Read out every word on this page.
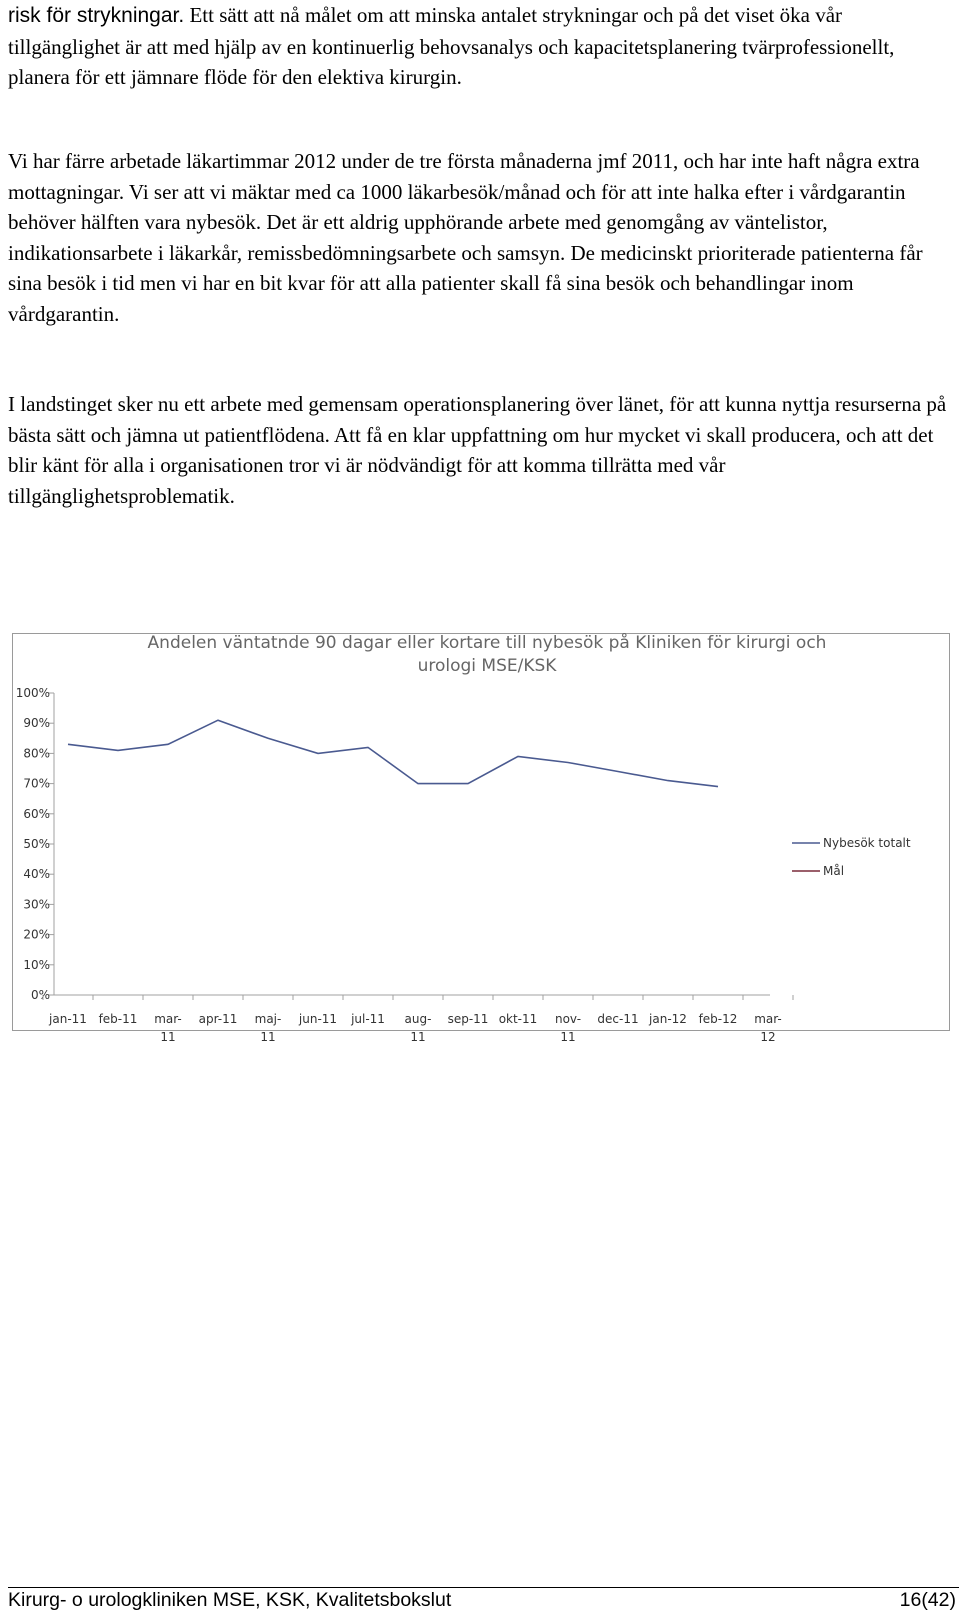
risk för strykningar. Ett sätt att nå målet om att minska antalet strykningar och på det viset öka vår tillgänglighet är att med hjälp av en kontinuerlig behovsanalys och kapacitetsplanering tvärprofessionellt, planera för ett jämnare flöde för den elektiva kirurgin.

Vi har färre arbetade läkartimmar 2012 under de tre första månaderna jmf 2011, och har inte haft några extra mottagningar. Vi ser att vi mäktar med ca 1000 läkarbesök/månad och för att inte halka efter i vårdgarantin behöver hälften vara nybesök. Det är ett aldrig upphörande arbete med genomgång av väntelistor, indikationsarbete i läkarkår, remissbedömningsarbete och samsyn. De medicinskt prioriterade patienterna får sina besök i tid men vi har en bit kvar för att alla patienter skall få sina besök och behandlingar inom vårdgarantin.

I landstinget sker nu ett arbete med gemensam operationsplanering över länet, för att kunna nyttja resurserna på bästa sätt och jämna ut patientflödena. Att få en klar uppfattning om hur mycket vi skall producera, och att det blir känt för alla i organisationen tror vi är nödvändigt för att komma tillrätta med vår tillgänglighetsproblematik.

Andelen väntatnde 90 dagar eller kortare till nybesök på Kliniken för kirurgi och
urologi MSE/KSK
0%
10%
20%
30%
40%
50%
60%
70%
80%
90%
100%
jan-11 feb-11 mar-
11
apr-11 maj-
11
jun-11 jul-11 aug-
11
sep-11 okt-11 nov-
11
dec-11 jan-12 feb-12 mar-
12
Nybesök totalt
Mål
Kirurg- o urologkliniken MSE, KSK, Kvalitetsbokslut	16(42)
